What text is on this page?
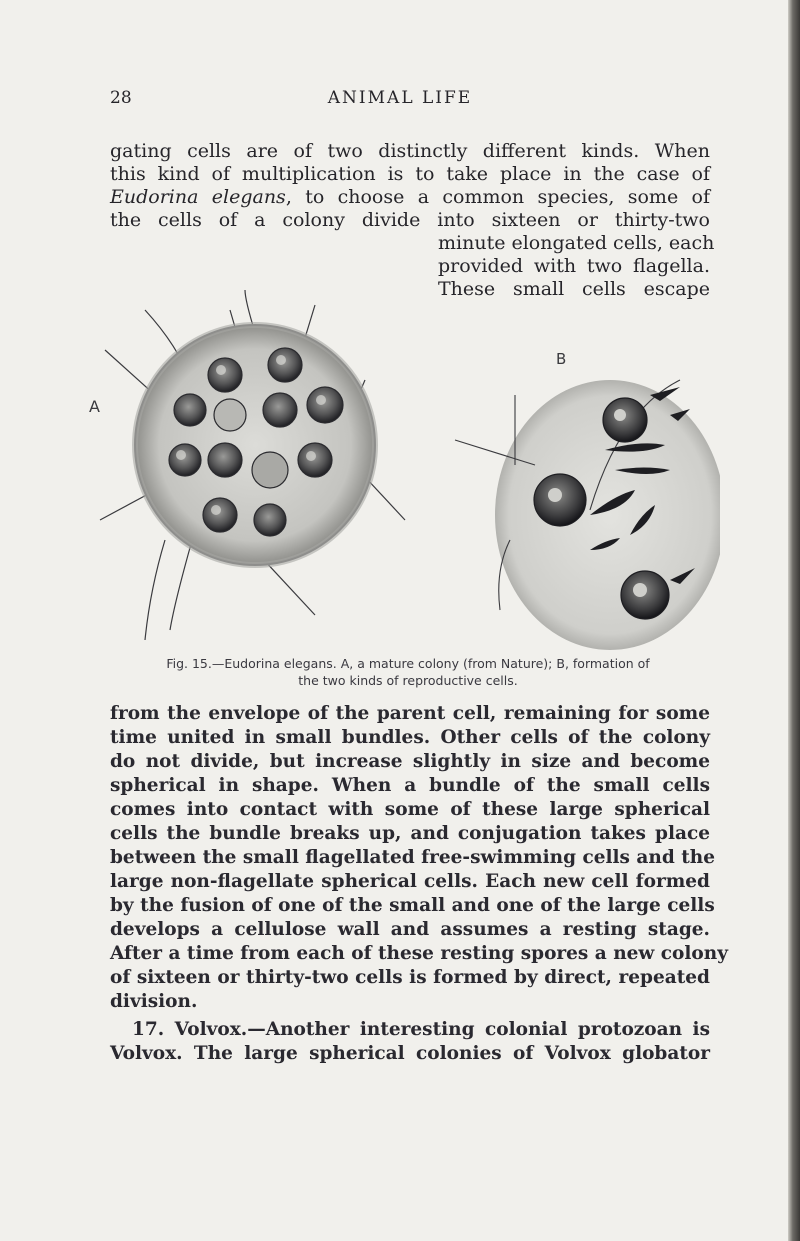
28	ANIMAL LIFE

gating cells are of two distinctly different kinds. When

this kind of multiplication is to take place in the case of

Eudorina elegans, to choose a common species, some of

the cells of a colony divide into sixteen or thirty-two

minute elongated cells, each

provided with two flagella.

These small cells escape

A
B
Fig. 15.—Eudorina elegans. A, a mature colony (from Nature); B, formation of
the two kinds of reproductive cells.

from the envelope of the parent cell, remaining for some

time united in small bundles. Other cells of the colony

do not divide, but increase slightly in size and become

spherical in shape. When a bundle of the small cells

comes into contact with some of these large spherical

cells the bundle breaks up, and conjugation takes place

between the small flagellated free-swimming cells and the

large non-flagellate spherical cells. Each new cell formed

by the fusion of one of the small and one of the large cells

develops a cellulose wall and assumes a resting stage.

After a time from each of these resting spores a new colony

of sixteen or thirty-two cells is formed by direct, repeated

division.

17. Volvox.—Another interesting colonial protozoan is

Volvox. The large spherical colonies of Volvox globator
